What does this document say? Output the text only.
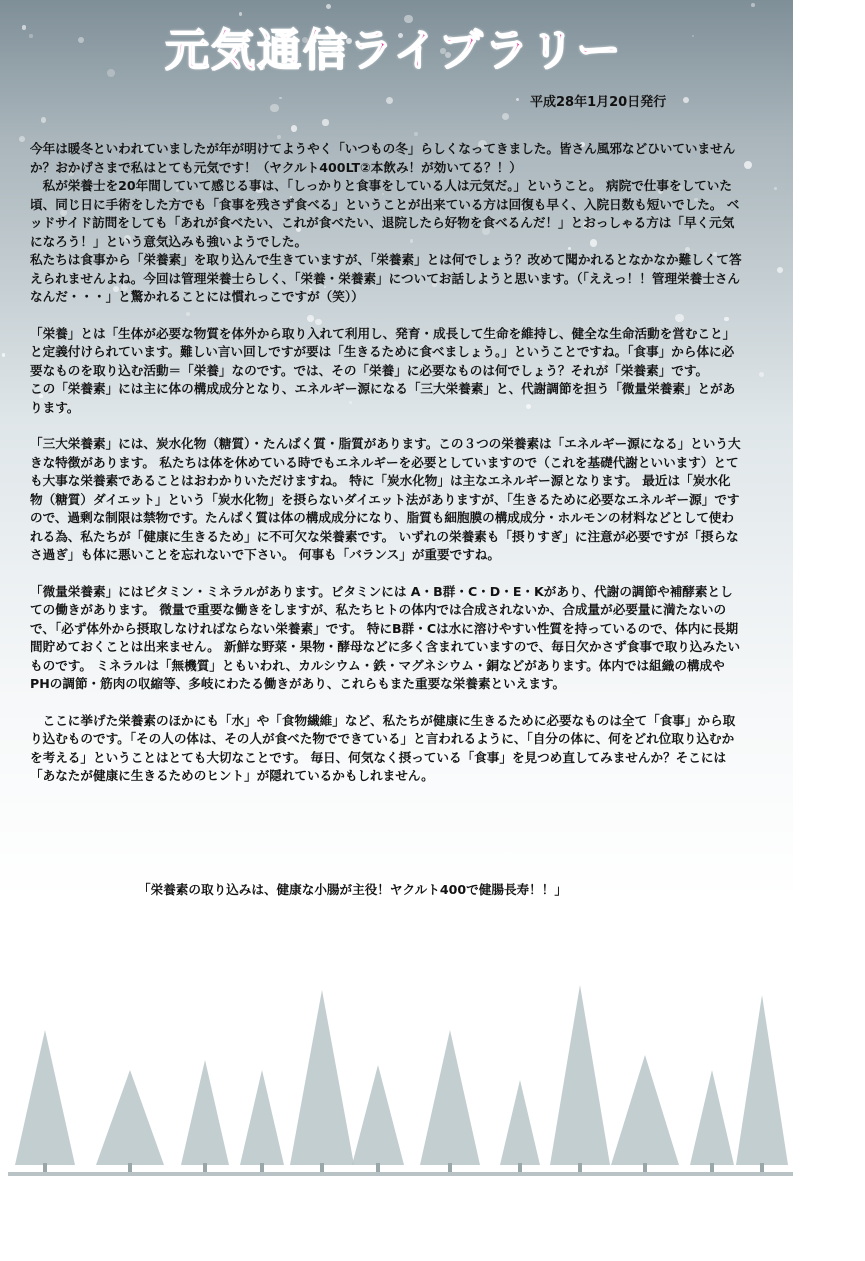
元気通信ライブラリー
平成28年1月20日発行

今年は暖冬といわれていましたが年が明けてようやく「いつもの冬」らしくなってきました。皆さん風邪などひいていませんか？おかげさまで私はとても元気です！（ヤクルト400LT②本飲み！が効いてる？！）

　私が栄養士を20年間していて感じる事は、「しっかりと食事をしている人は元気だ。」ということ。 病院で仕事をしていた頃、同じ日に手術をした方でも「食事を残さず食べる」ということが出来ている方は回復も早く、入院日数も短いでした。 ベッドサイド訪問をしても「あれが食べたい、これが食べたい、退院したら好物を食べるんだ！」とおっしゃる方は「早く元気になろう！」という意気込みも強いようでした。

私たちは食事から「栄養素」を取り込んで生きていますが、「栄養素」とは何でしょう？改めて聞かれるとなかなか難しくて答えられませんよね。今回は管理栄養士らしく、「栄養・栄養素」についてお話しようと思います。（「ええっ！！管理栄養士さんなんだ・・・」と驚かれることには慣れっこですが（笑））

「栄養」とは「生体が必要な物質を体外から取り入れて利用し、発育・成長して生命を維持し、健全な生命活動を営むこと」と定義付けられています。難しい言い回しですが要は「生きるために食べましょう。」ということですね。「食事」から体に必要なものを取り込む活動＝「栄養」なのです。では、その「栄養」に必要なものは何でしょう？それが「栄養素」です。

この「栄養素」には主に体の構成成分となり、エネルギー源になる「三大栄養素」と、代謝調節を担う「微量栄養素」とがあります。

「三大栄養素」には、炭水化物（糖質）・たんぱく質・脂質があります。この３つの栄養素は「エネルギー源になる」という大きな特徴があります。 私たちは体を休めている時でもエネルギーを必要としていますので（これを基礎代謝といいます）とても大事な栄養素であることはおわかりいただけますね。 特に「炭水化物」は主なエネルギー源となります。 最近は「炭水化物（糖質）ダイエット」という「炭水化物」を摂らないダイエット法がありますが、「生きるために必要なエネルギー源」ですので、過剰な制限は禁物です。たんぱく質は体の構成成分になり、脂質も細胞膜の構成成分・ホルモンの材料などとして使われる為、私たちが「健康に生きるため」に不可欠な栄養素です。 いずれの栄養素も「摂りすぎ」に注意が必要ですが「摂らなさ過ぎ」も体に悪いことを忘れないで下さい。 何事も「バランス」が重要ですね。

「微量栄養素」にはビタミン・ミネラルがあります。ビタミンには A・B群・C・D・E・Kがあり、代謝の調節や補酵素としての働きがあります。 微量で重要な働きをしますが、私たちヒトの体内では合成されないか、合成量が必要量に満たないので、「必ず体外から摂取しなければならない栄養素」です。 特にB群・Cは水に溶けやすい性質を持っているので、体内に長期間貯めておくことは出来ません。 新鮮な野菜・果物・酵母などに多く含まれていますので、毎日欠かさず食事で取り込みたいものです。 ミネラルは「無機質」ともいわれ、カルシウム・鉄・マグネシウム・銅などがあります。体内では組織の構成やPHの調節・筋肉の収縮等、多岐にわたる働きがあり、これらもまた重要な栄養素といえます。

　ここに挙げた栄養素のほかにも「水」や「食物繊維」など、私たちが健康に生きるために必要なものは全て「食事」から取り込むものです。「その人の体は、その人が食べた物でできている」と言われるように、「自分の体に、何をどれ位取り込むかを考える」ということはとても大切なことです。 毎日、何気なく摂っている「食事」を見つめ直してみませんか？そこには「あなたが健康に生きるためのヒント」が隠れているかもしれません。

「栄養素の取り込みは、健康な小腸が主役！ヤクルト400で健腸長寿！！」
